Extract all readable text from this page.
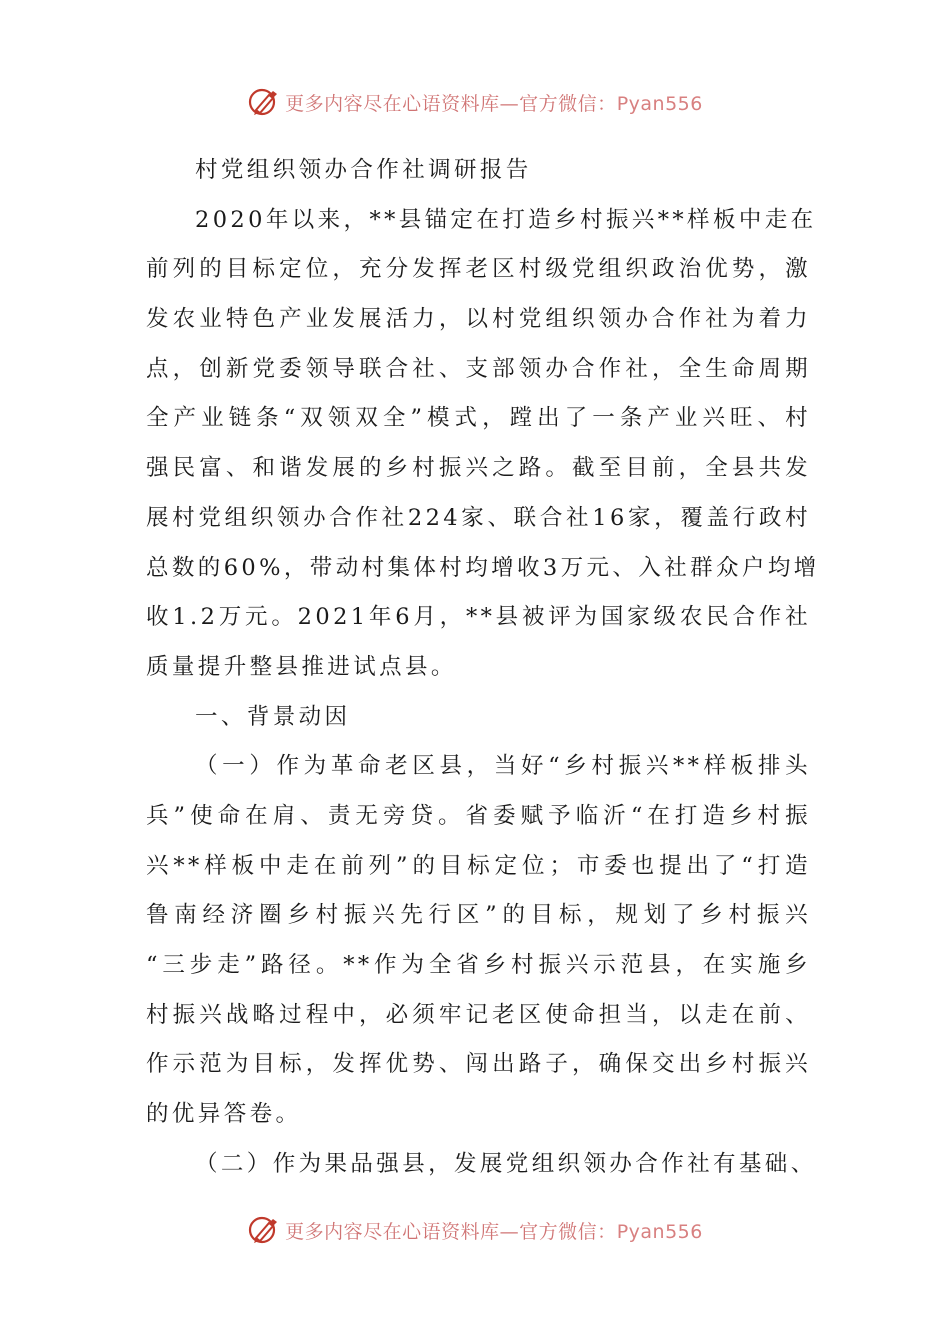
更多内容尽在心语资料库—官方微信：Pyan556
村党组织领办合作社调研报告
2020年以来，**县锚定在打造乡村振兴**样板中走在
前列的目标定位，充分发挥老区村级党组织政治优势，激
发农业特色产业发展活力，以村党组织领办合作社为着力
点，创新党委领导联合社、支部领办合作社，全生命周期
全产业链条“双领双全”模式，蹚出了一条产业兴旺、村
强民富、和谐发展的乡村振兴之路。截至目前，全县共发
展村党组织领办合作社224家、联合社16家，覆盖行政村
总数的60%，带动村集体村均增收3万元、入社群众户均增
收1.2万元。2021年6月，**县被评为国家级农民合作社
质量提升整县推进试点县。
一、背景动因
（一）作为革命老区县，当好“乡村振兴**样板排头
兵”使命在肩、责无旁贷。省委赋予临沂“在打造乡村振
兴**样板中走在前列”的目标定位；市委也提出了“打造
鲁南经济圈乡村振兴先行区”的目标，规划了乡村振兴
“三步走”路径。**作为全省乡村振兴示范县，在实施乡
村振兴战略过程中，必须牢记老区使命担当，以走在前、
作示范为目标，发挥优势、闯出路子，确保交出乡村振兴
的优异答卷。
（二）作为果品强县，发展党组织领办合作社有基础、
更多内容尽在心语资料库—官方微信：Pyan556
